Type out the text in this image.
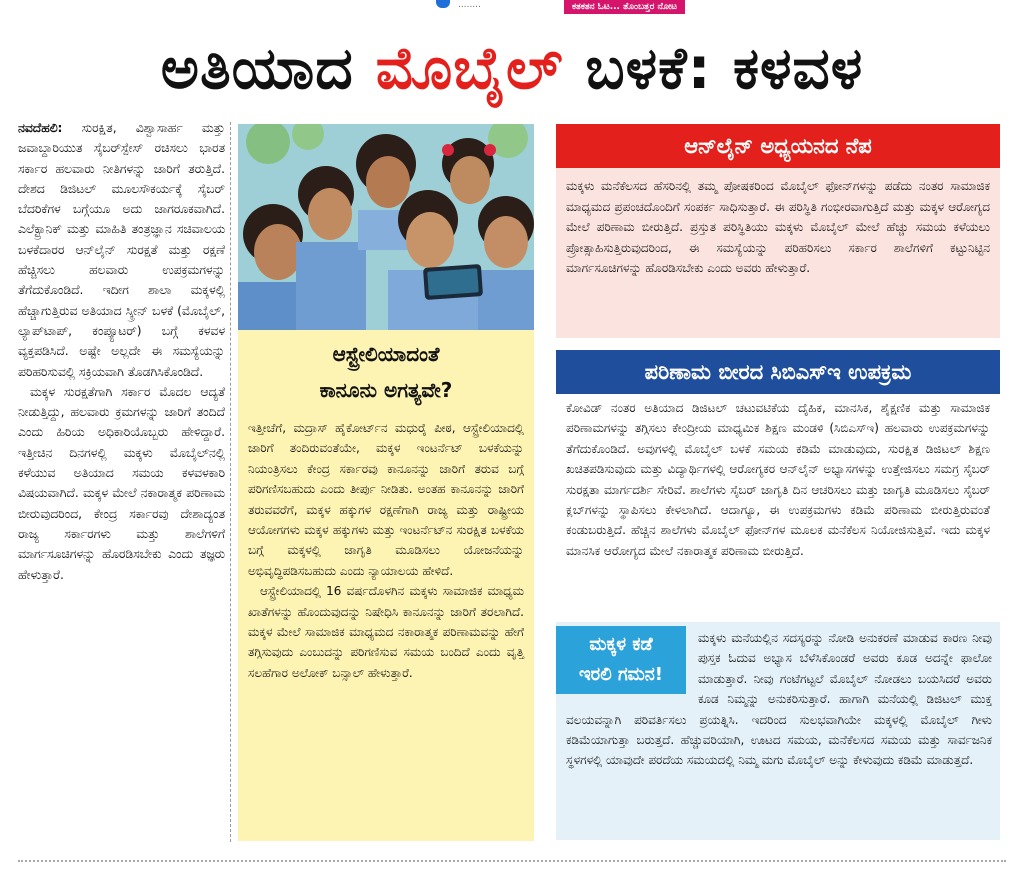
........	ಕತಕತನ ಓಟ... ತೊಂಬತ್ತರ ನೋಟ
ಅತಿಯಾದ ಮೊಬೈಲ್ ಬಳಕೆ: ಕಳವಳ

ನವದೆಹಲಿ: ಸುರಕ್ಷಿತ, ವಿಶ್ವಾಸಾರ್ಹ ಮತ್ತು ಜವಾಬ್ದಾರಿಯುತ ಸೈಬರ್‌ಸ್ಪೇಸ್ ರಚಿಸಲು ಭಾರತ ಸರ್ಕಾರ ಹಲವಾರು ನೀತಿಗಳನ್ನು ಜಾರಿಗೆ ತರುತ್ತಿದೆ. ದೇಶದ ಡಿಜಿಟಲ್ ಮೂಲಸೌಕರ್ಯಕ್ಕೆ ಸೈಬರ್ ಬೆದರಿಕೆಗಳ ಬಗ್ಗೆಯೂ ಅದು ಜಾಗರೂಕವಾಗಿದೆ. ಎಲೆಕ್ಟ್ರಾನಿಕ್ ಮತ್ತು ಮಾಹಿತಿ ತಂತ್ರಜ್ಞಾನ ಸಚಿವಾಲಯ ಬಳಕೆದಾರರ ಆನ್‌ಲೈನ್ ಸುರಕ್ಷತೆ ಮತ್ತು ರಕ್ಷಣೆ ಹೆಚ್ಚಿಸಲು ಹಲವಾರು ಉಪಕ್ರಮಗಳನ್ನು ತೆಗೆದುಕೊಂಡಿದೆ. ಇದೀಗ ಶಾಲಾ ಮಕ್ಕಳಲ್ಲಿ ಹೆಚ್ಚಾಗುತ್ತಿರುವ ಅತಿಯಾದ ಸ್ಕ್ರೀನ್ ಬಳಕೆ (ಮೊಬೈಲ್, ಲ್ಯಾಪ್‌ಟಾಪ್, ಕಂಪ್ಯೂಟರ್) ಬಗ್ಗೆ ಕಳವಳ ವ್ಯಕ್ತಪಡಿಸಿದೆ. ಅಷ್ಟೇ ಅಲ್ಲದೇ ಈ ಸಮಸ್ಯೆಯನ್ನು ಪರಿಹರಿಸುವಲ್ಲಿ ಸಕ್ರಿಯವಾಗಿ ತೊಡಗಿಸಿಕೊಂಡಿದೆ.

ಮಕ್ಕಳ ಸುರಕ್ಷತೆಗಾಗಿ ಸರ್ಕಾರ ಮೊದಲ ಆದ್ಯತೆ ನೀಡುತ್ತಿದ್ದು, ಹಲವಾರು ಕ್ರಮಗಳನ್ನು ಜಾರಿಗೆ ತಂದಿದೆ ಎಂದು ಹಿರಿಯ ಅಧಿಕಾರಿಯೊಬ್ಬರು ಹೇಳಿದ್ದಾರೆ. ಇತ್ತೀಚಿನ ದಿನಗಳಲ್ಲಿ ಮಕ್ಕಳು ಮೊಬೈಲ್‌ನಲ್ಲಿ ಕಳೆಯುವ ಅತಿಯಾದ ಸಮಯ ಕಳವಳಕಾರಿ ವಿಷಯವಾಗಿದೆ. ಮಕ್ಕಳ ಮೇಲೆ ನಕಾರಾತ್ಮಕ ಪರಿಣಾಮ ಬೀರುವುದರಿಂದ, ಕೇಂದ್ರ ಸರ್ಕಾರವು ದೇಶಾದ್ಯಂತ ರಾಜ್ಯ ಸರ್ಕಾರಗಳು ಮತ್ತು ಶಾಲೆಗಳಿಗೆ ಮಾರ್ಗಸೂಚಿಗಳನ್ನು ಹೊರಡಿಸಬೇಕು ಎಂದು ತಜ್ಞರು ಹೇಳುತ್ತಾರೆ.

ಆಸ್ಟ್ರೇಲಿಯಾದಂತೆ
ಕಾನೂನು ಅಗತ್ಯವೇ?

ಇತ್ತೀಚೆಗೆ, ಮದ್ರಾಸ್ ಹೈಕೋರ್ಟ್‌ನ ಮಧುರೈ ಪೀಠ, ಆಸ್ಟ್ರೇಲಿಯಾದಲ್ಲಿ ಜಾರಿಗೆ ತಂದಿರುವಂತೆಯೇ, ಮಕ್ಕಳ ಇಂಟರ್ನೆಟ್ ಬಳಕೆಯನ್ನು ನಿಯಂತ್ರಿಸಲು ಕೇಂದ್ರ ಸರ್ಕಾರವು ಕಾನೂನನ್ನು ಜಾರಿಗೆ ತರುವ ಬಗ್ಗೆ ಪರಿಗಣಿಸಬಹುದು ಎಂದು ತೀರ್ಪು ನೀಡಿತು. ಅಂತಹ ಕಾನೂನನ್ನು ಜಾರಿಗೆ ತರುವವರೆಗೆ, ಮಕ್ಕಳ ಹಕ್ಕುಗಳ ರಕ್ಷಣೆಗಾಗಿ ರಾಜ್ಯ ಮತ್ತು ರಾಷ್ಟ್ರೀಯ ಆಯೋಗಗಳು ಮಕ್ಕಳ ಹಕ್ಕುಗಳು ಮತ್ತು ಇಂಟರ್ನೆಟ್‌ನ ಸುರಕ್ಷಿತ ಬಳಕೆಯ ಬಗ್ಗೆ ಮಕ್ಕಳಲ್ಲಿ ಜಾಗೃತಿ ಮೂಡಿಸಲು ಯೋಜನೆಯನ್ನು ಅಭಿವೃದ್ಧಿಪಡಿಸಬಹುದು ಎಂದು ನ್ಯಾಯಾಲಯ ಹೇಳಿದೆ.

ಆಸ್ಟ್ರೇಲಿಯಾದಲ್ಲಿ 16 ವರ್ಷದೊಳಗಿನ ಮಕ್ಕಳು ಸಾಮಾಜಿಕ ಮಾಧ್ಯಮ ಖಾತೆಗಳನ್ನು ಹೊಂದುವುದನ್ನು ನಿಷೇಧಿಸಿ ಕಾನೂನನ್ನು ಜಾರಿಗೆ ತರಲಾಗಿದೆ. ಮಕ್ಕಳ ಮೇಲೆ ಸಾಮಾಜಿಕ ಮಾಧ್ಯಮದ ನಕಾರಾತ್ಮಕ ಪರಿಣಾಮವನ್ನು ಹೇಗೆ ತಗ್ಗಿಸುವುದು ಎಂಬುದನ್ನು ಪರಿಗಣಿಸುವ ಸಮಯ ಬಂದಿದೆ ಎಂದು ವೃತ್ತಿ ಸಲಹೆಗಾರ ಅಲೋಕ್ ಬನ್ಸಾಲ್ ಹೇಳುತ್ತಾರೆ.

ಆನ್‌ಲೈನ್ ಅಧ್ಯಯನದ ನೆಪ
ಮಕ್ಕಳು ಮನೆಕೆಲಸದ ಹೆಸರಿನಲ್ಲಿ ತಮ್ಮ ಪೋಷಕರಿಂದ ಮೊಬೈಲ್ ಫೋನ್‌ಗಳನ್ನು ಪಡೆದು ನಂತರ ಸಾಮಾಜಿಕ ಮಾಧ್ಯಮದ ಪ್ರಪಂಚದೊಂದಿಗೆ ಸಂಪರ್ಕ ಸಾಧಿಸುತ್ತಾರೆ. ಈ ಪರಿಸ್ಥಿತಿ ಗಂಭೀರವಾಗುತ್ತಿದೆ ಮತ್ತು ಮಕ್ಕಳ ಆರೋಗ್ಯದ ಮೇಲೆ ಪರಿಣಾಮ ಬೀರುತ್ತಿದೆ. ಪ್ರಸ್ತುತ ಪರಿಸ್ಥಿತಿಯು ಮಕ್ಕಳು ಮೊಬೈಲ್ ಮೇಲೆ ಹೆಚ್ಚು ಸಮಯ ಕಳೆಯಲು ಪ್ರೋತ್ಸಾಹಿಸುತ್ತಿರುವುದರಿಂದ, ಈ ಸಮಸ್ಯೆಯನ್ನು ಪರಿಹರಿಸಲು ಸರ್ಕಾರ ಶಾಲೆಗಳಿಗೆ ಕಟ್ಟುನಿಟ್ಟಿನ ಮಾರ್ಗಸೂಚಿಗಳನ್ನು ಹೊರಡಿಸಬೇಕು ಎಂದು ಅವರು ಹೇಳುತ್ತಾರೆ.
ಪರಿಣಾಮ ಬೀರದ ಸಿಬಿಎಸ್‌ಇ ಉಪಕ್ರಮ
ಕೋವಿಡ್ ನಂತರ ಅತಿಯಾದ ಡಿಜಿಟಲ್ ಚಟುವಟಿಕೆಯ ದೈಹಿಕ, ಮಾನಸಿಕ, ಶೈಕ್ಷಣಿಕ ಮತ್ತು ಸಾಮಾಜಿಕ ಪರಿಣಾಮಗಳನ್ನು ತಗ್ಗಿಸಲು ಕೇಂದ್ರೀಯ ಮಾಧ್ಯಮಿಕ ಶಿಕ್ಷಣ ಮಂಡಳಿ (ಸಿಬಿಎಸ್‌ಇ) ಹಲವಾರು ಉಪಕ್ರಮಗಳನ್ನು ತೆಗೆದುಕೊಂಡಿದೆ. ಅವುಗಳಲ್ಲಿ ಮೊಬೈಲ್ ಬಳಕೆ ಸಮಯ ಕಡಿಮೆ ಮಾಡುವುದು, ಸುರಕ್ಷಿತ ಡಿಜಿಟಲ್ ಶಿಕ್ಷಣ ಖಚಿತಪಡಿಸುವುದು ಮತ್ತು ವಿದ್ಯಾರ್ಥಿಗಳಲ್ಲಿ ಆರೋಗ್ಯಕರ ಆನ್‌ಲೈನ್ ಅಭ್ಯಾಸಗಳನ್ನು ಉತ್ತೇಜಿಸಲು ಸಮಗ್ರ ಸೈಬರ್ ಸುರಕ್ಷತಾ ಮಾರ್ಗದರ್ಶಿ ಸೇರಿವೆ. ಶಾಲೆಗಳು ಸೈಬರ್ ಜಾಗೃತಿ ದಿನ ಆಚರಿಸಲು ಮತ್ತು ಜಾಗೃತಿ ಮೂಡಿಸಲು ಸೈಬರ್ ಕ್ಲಬ್‌ಗಳನ್ನು ಸ್ಥಾಪಿಸಲು ಕೇಳಲಾಗಿದೆ. ಆದಾಗ್ಯೂ, ಈ ಉಪಕ್ರಮಗಳು ಕಡಿಮೆ ಪರಿಣಾಮ ಬೀರುತ್ತಿರುವಂತೆ ಕಂಡುಬರುತ್ತಿದೆ. ಹೆಚ್ಚಿನ ಶಾಲೆಗಳು ಮೊಬೈಲ್ ಫೋನ್‌ಗಳ ಮೂಲಕ ಮನೆಕೆಲಸ ನಿಯೋಜಿಸುತ್ತಿವೆ. ಇದು ಮಕ್ಕಳ ಮಾನಸಿಕ ಆರೋಗ್ಯದ ಮೇಲೆ ನಕಾರಾತ್ಮಕ ಪರಿಣಾಮ ಬೀರುತ್ತಿದೆ.
ಮಕ್ಕಳ ಕಡೆ
ಇರಲಿ ಗಮನ!

ಮಕ್ಕಳು ಮನೆಯಲ್ಲಿನ ಸದಸ್ಯರನ್ನು ನೋಡಿ ಅನುಕರಣೆ ಮಾಡುವ ಕಾರಣ ನೀವು ಪುಸ್ತಕ ಓದುವ ಅಭ್ಯಾಸ ಬೆಳೆಸಿಕೊಂಡರೆ ಅವರು ಕೂಡ ಅದನ್ನೇ ಫಾಲೋ ಮಾಡುತ್ತಾರೆ. ನೀವು ಗಂಟೆಗಟ್ಟಲೆ ಮೊಬೈಲ್ ನೋಡಲು ಬಯಸಿದರೆ ಅವರು ಕೂಡ ನಿಮ್ಮನ್ನು ಅನುಕರಿಸುತ್ತಾರೆ. ಹಾಗಾಗಿ ಮನೆಯಲ್ಲಿ ಡಿಜಿಟಲ್ ಮುಕ್ತ ವಲಯವನ್ನಾಗಿ ಪರಿವರ್ತಿಸಲು ಪ್ರಯತ್ನಿಸಿ. ಇದರಿಂದ ಸುಲಭವಾಗಿಯೇ ಮಕ್ಕಳಲ್ಲಿ ಮೊಬೈಲ್ ಗೀಳು ಕಡಿಮೆಯಾಗುತ್ತಾ ಬರುತ್ತದೆ. ಹೆಚ್ಚುವರಿಯಾಗಿ, ಊಟದ ಸಮಯ, ಮನೆಕೆಲಸದ ಸಮಯ ಮತ್ತು ಸಾರ್ವಜನಿಕ ಸ್ಥಳಗಳಲ್ಲಿ ಯಾವುದೇ ಪರದೆಯ ಸಮಯದಲ್ಲಿ ನಿಮ್ಮ ಮಗು ಮೊಬೈಲ್ ಅನ್ನು ಕೇಳುವುದು ಕಡಿಮೆ ಮಾಡುತ್ತದೆ.
